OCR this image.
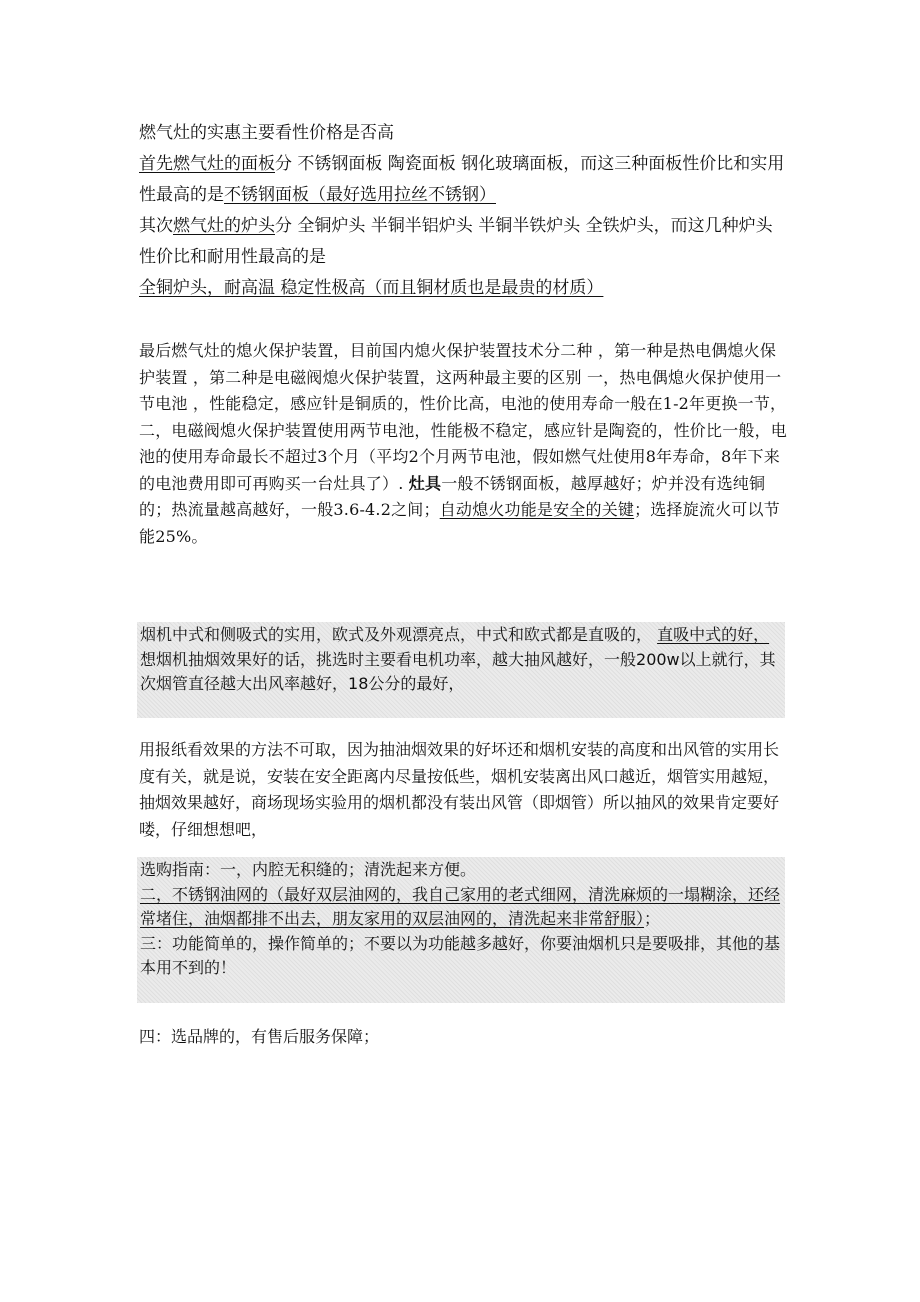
燃气灶的实惠主要看性价格是否高

首先燃气灶的面板分 不锈钢面板 陶瓷面板 钢化玻璃面板，而这三种面板性价比和实用性最高的是不锈钢面板（最好选用拉丝不锈钢）

其次燃气灶的炉头分 全铜炉头 半铜半铝炉头 半铜半铁炉头 全铁炉头，而这几种炉头性价比和耐用性最高的是全铜炉头，耐高温 稳定性极高（而且铜材质也是最贵的材质）

最后燃气灶的熄火保护装置，目前国内熄火保护装置技术分二种 ，第一种是热电偶熄火保护装置 ，第二种是电磁阀熄火保护装置，这两种最主要的区别 一，热电偶熄火保护使用一节电池 ，性能稳定，感应针是铜质的，性价比高，电池的使用寿命一般在1-2年更换一节，二，电磁阀熄火保护装置使用两节电池，性能极不稳定，感应针是陶瓷的，性价比一般，电池的使用寿命最长不超过3个月（平均2个月两节电池，假如燃气灶使用8年寿命，8年下来的电池费用即可再购买一台灶具了）. 灶具一般不锈钢面板，越厚越好；炉并没有选纯铜的；热流量越高越好，一般3.6-4.2之间；自动熄火功能是安全的关键；选择旋流火可以节能25%。

烟机中式和侧吸式的实用，欧式及外观漂亮点，中式和欧式都是直吸的， 直吸中式的好，

想烟机抽烟效果好的话，挑选时主要看电机功率，越大抽风越好，一般200w以上就行，其次烟管直径越大出风率越好，18公分的最好，

用报纸看效果的方法不可取，因为抽油烟效果的好坏还和烟机安装的高度和出风管的实用长度有关，就是说，安装在安全距离内尽量按低些，烟机安装离出风口越近，烟管实用越短，抽烟效果越好，商场现场实验用的烟机都没有装出风管（即烟管）所以抽风的效果肯定要好喽，仔细想想吧，

选购指南：一，内腔无积缝的；清洗起来方便。

二，不锈钢油网的（最好双层油网的，我自己家用的老式细网，清洗麻烦的一塌糊涂，还经常堵住，油烟都排不出去，朋友家用的双层油网的，清洗起来非常舒服）；

三：功能简单的，操作简单的；不要以为功能越多越好，你要油烟机只是要吸排，其他的基本用不到的！

四：选品牌的，有售后服务保障；
